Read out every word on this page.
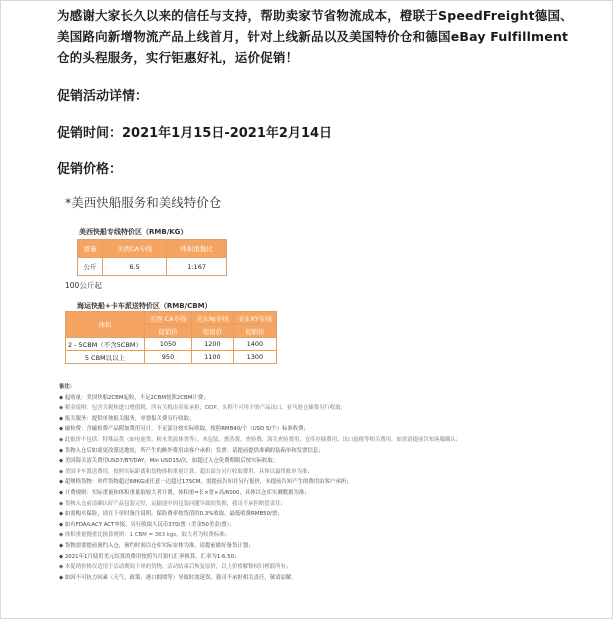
为感谢大家长久以来的信任与支持，帮助卖家节省物流成本，橙联于SpeedFreight德国、美国路向新增物流产品上线首月，针对上线新品以及美国特价仓和德国eBay Fulfillment仓的头程服务，实行钜惠好礼，运价促销！
促销活动详情：
促销时间：2021年1月15日-2021年2月14日
促销价格：
*美西快船服务和美线特价仓
美西快船专线特价区（RMB/KG）
重量	美西CA专线	体积重抛比
公斤	6.5	1:167
100公斤起
海运快船+卡车派送特价区（RMB/CBM）
体积	美西 CA专线	美东NJ专线	美东KY专线
	促销价	促销价	促销价
2 - 5CBM（不含5CBM）	1050	1200	1400
5 CBM以以上	950	1100	1300
备注：
◆ 起收量：美国快船2CBM起收，不足2CBM按照2CBM计费；
◆ 税金说明：包含关税和进口增值税，所有关税由卖家承担；DDP、头程不可用于的产品出口、亚马逊仓储费另行收取；
◆ 报关服务：提供单独报关服务，单票报关费另行收取；
◆ 磁检费：含磁检费产品附加费用另计，不足部分按实际收取，按照RMB40/个（USD 5/个）标准收费；
◆ 此报价不包括：特殊品类（如电池类、粉末类液体类等）、木包装、熏蒸费、查验费、海关查验费用、仓库存储费用、出口退税等相关费用，如需请提前告知客服确认；
◆ 货物入仓后如需更改派送地址，所产生的额外费用由客户承担；发票：请提前提供准确的装箱单和发票信息；
◆ 美国海关清关费用USD7/BT/DAY，Min USD15/次，如超过入仓免费期限后按实际收取；
◆ 美国卡车派送费用，按照实际距离和货物体积重量计算，超出部分另行收取费用，具体以最终账单为准；
◆ 超规格货物：单件货物超过68KG或任意一边超过175CM，需提前告知并另行报价，未提前告知产生的费用由客户承担；
◆ 计费规则：实际重量和体积重量取较大者计费，体积重=长×宽×高/6000，具体以仓库实测数据为准；
◆ 货物入仓前请确认好产品包装完好，运输途中因包装问题导致的货损，我司不承担赔偿责任；
◆ 如需购买保险，请在下单时备注说明，保险费率按货值的0.3%收取，最低收费RMB50/票；
◆ 如有FDA/LACY ACT申报，另行收取人民币370/票（美金50美金/票）；
◆ 体积重量抛重比换算规则：1 CBM = 363 kgs，取大者为收费标准；
◆ 货物需要提前预约入仓，预约时间以仓库实际安排为准，请提前做好备货计划；
◆ 2021年1月使用美元结算的费用按照当月银行汇率换算，汇率为1:6.50；
◆ 本促销价格仅适用于活动期间下单的货物，活动结束后恢复原价，以上价格解释权归橙联所有；
◆ 如因不可抗力因素（天气、政策、港口拥堵等）导致时效延误，我司不承担相关责任，敬请谅解。
